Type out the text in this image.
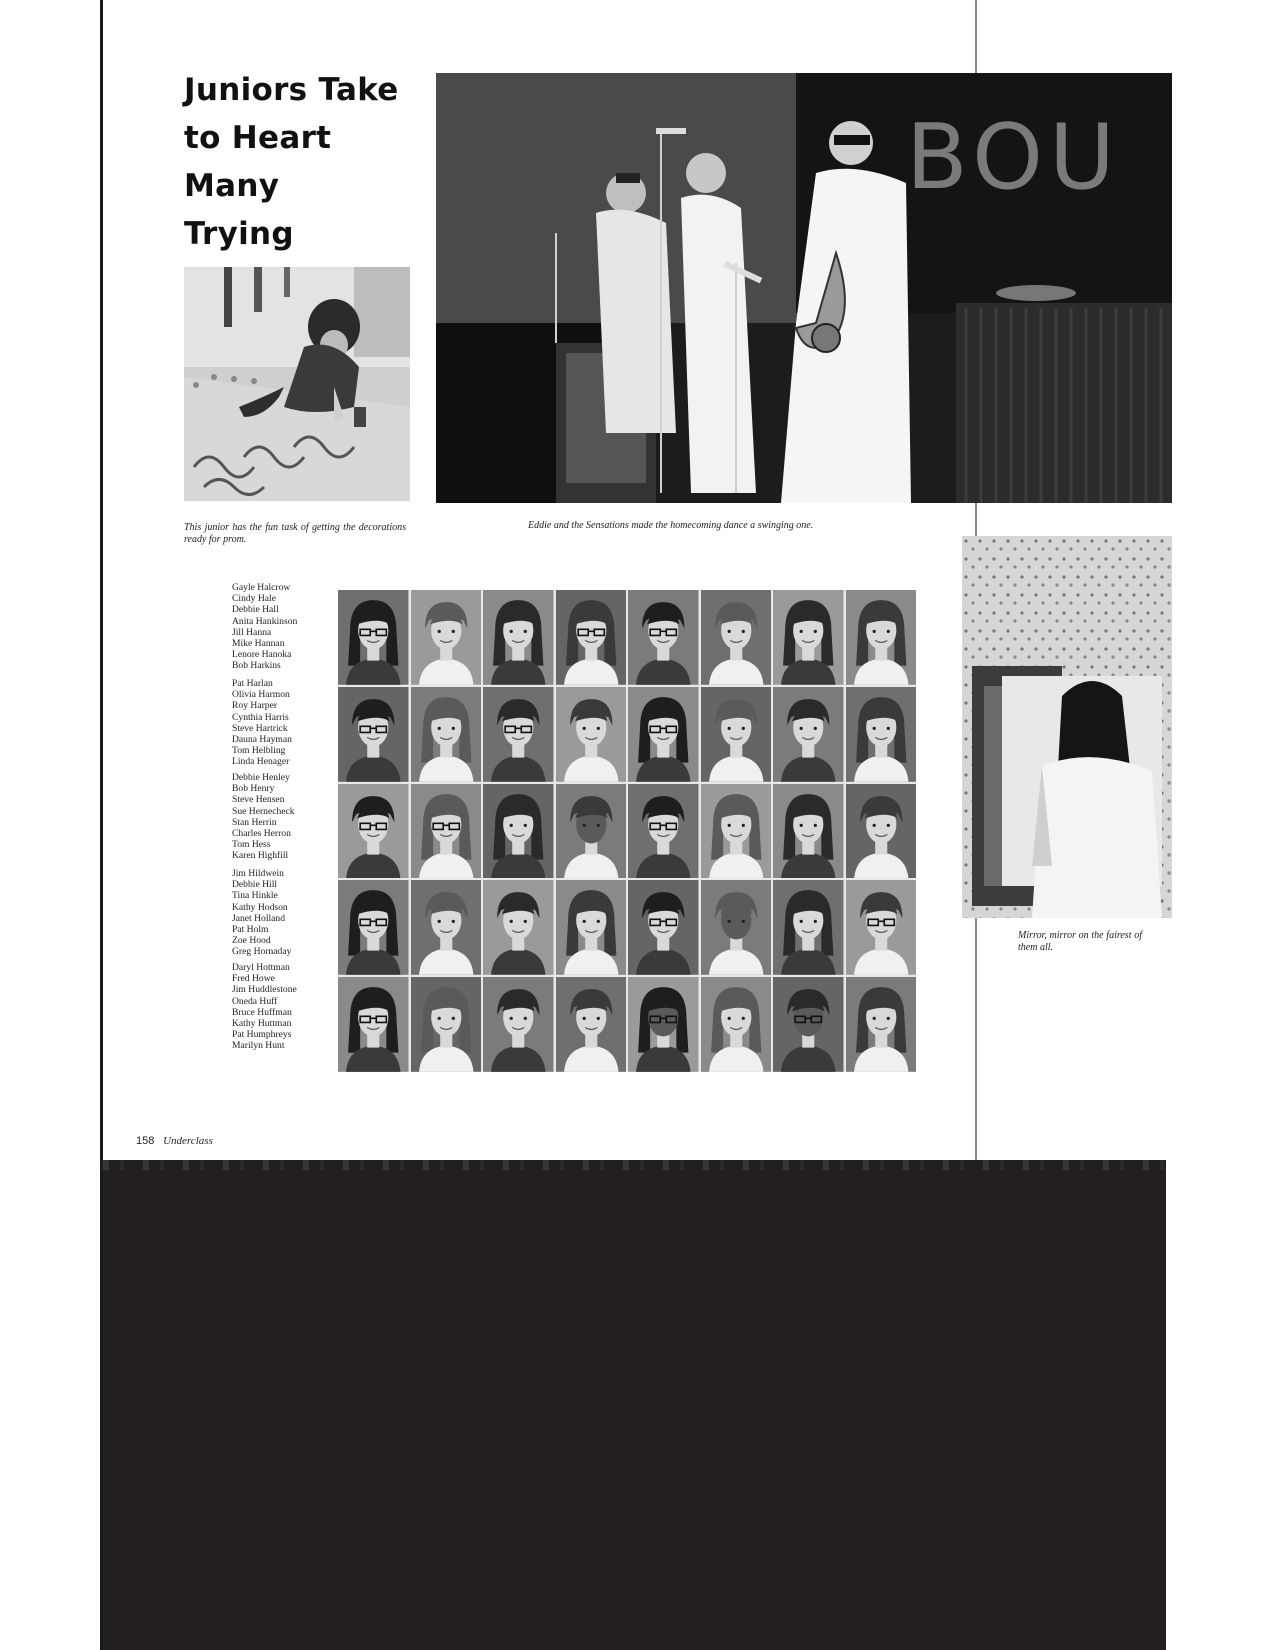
Juniors Take
to Heart Many
Trying
This junior has the fun task of getting the decorations ready for prom.
BOU
Eddie and the Sensations made the homecoming dance a swinging one.
Mirror, mirror on the fairest of them all.
Gayle Halcrow
Cindy Hale
Debbie Hall
Anita Hankinson
Jill Hanna
Mike Hannan
Lenore Hanoka
Bob Harkins
Pat Harlan
Olivia Harmon
Roy Harper
Cynthia Harris
Steve Hartrick
Dauna Hayman
Tom Helbling
Linda Henager
Debbie Henley
Bob Henry
Steve Hensen
Sue Hernecheck
Stan Herrin
Charles Herron
Tom Hess
Karen Highfill
Jim Hildwein
Debbie Hill
Tina Hinkle
Kathy Hodson
Janet Holland
Pat Holm
Zoe Hood
Greg Hornaday
Daryl Hottman
Fred Howe
Jim Huddlestone
Oneda Huff
Bruce Huffman
Kathy Huttman
Pat Humphreys
Marilyn Hunt
158 Underclass
